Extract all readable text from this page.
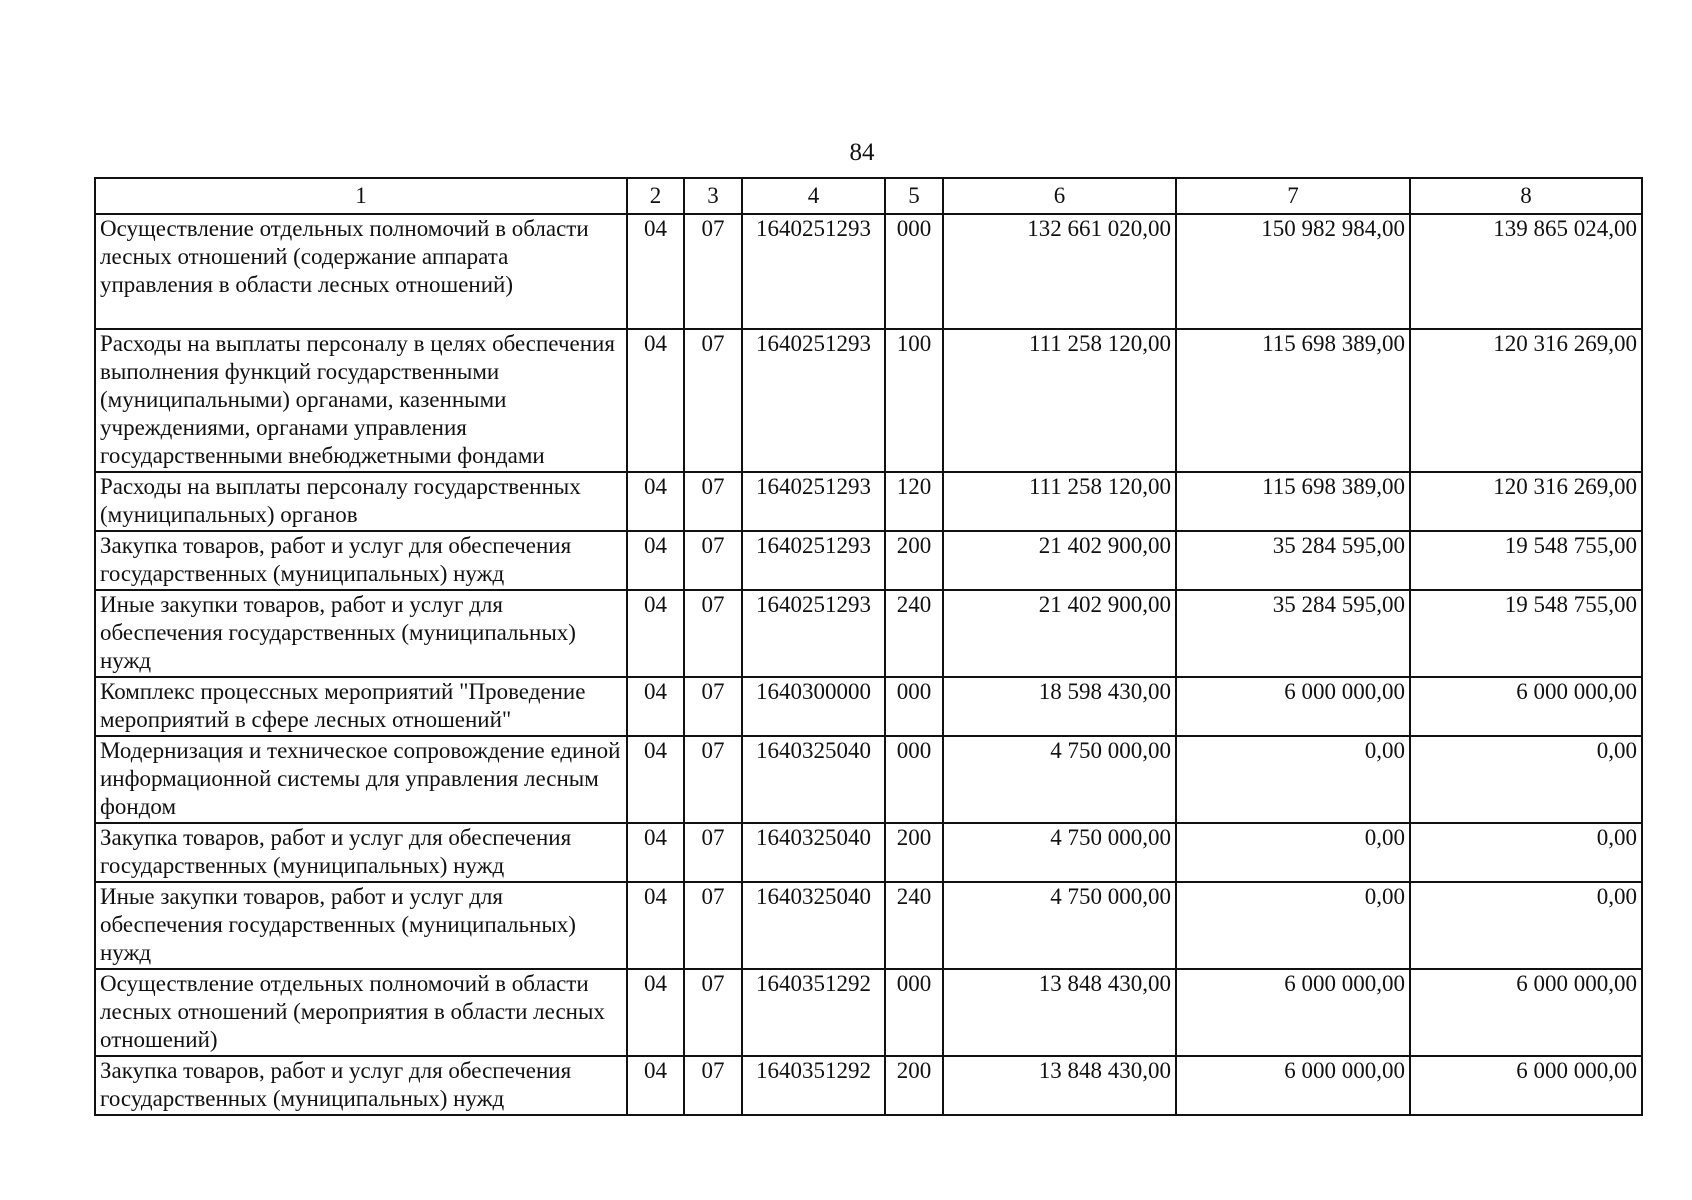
84
1	2	3	4	5	6	7	8
Осуществление отдельных полномочий в области лесных отношений (содержание аппарата управления в области лесных отношений)	04	07	1640251293	000	132 661 020,00	150 982 984,00	139 865 024,00
Расходы на выплаты персоналу в целях обеспечения выполнения функций государственными (муниципальными) органами, казенными учреждениями, органами управления государственными внебюджетными фондами	04	07	1640251293	100	111 258 120,00	115 698 389,00	120 316 269,00
Расходы на выплаты персоналу государственных (муниципальных) органов	04	07	1640251293	120	111 258 120,00	115 698 389,00	120 316 269,00
Закупка товаров, работ и услуг для обеспечения государственных (муниципальных) нужд	04	07	1640251293	200	21 402 900,00	35 284 595,00	19 548 755,00
Иные закупки товаров, работ и услуг для обеспечения государственных (муниципальных) нужд	04	07	1640251293	240	21 402 900,00	35 284 595,00	19 548 755,00
Комплекс процессных мероприятий "Проведение мероприятий в сфере лесных отношений"	04	07	1640300000	000	18 598 430,00	6 000 000,00	6 000 000,00
Модернизация и техническое сопровождение единой информационной системы для управления лесным фондом	04	07	1640325040	000	4 750 000,00	0,00	0,00
Закупка товаров, работ и услуг для обеспечения государственных (муниципальных) нужд	04	07	1640325040	200	4 750 000,00	0,00	0,00
Иные закупки товаров, работ и услуг для обеспечения государственных (муниципальных) нужд	04	07	1640325040	240	4 750 000,00	0,00	0,00
Осуществление отдельных полномочий в области лесных отношений (мероприятия в области лесных отношений)	04	07	1640351292	000	13 848 430,00	6 000 000,00	6 000 000,00
Закупка товаров, работ и услуг для обеспечения государственных (муниципальных) нужд	04	07	1640351292	200	13 848 430,00	6 000 000,00	6 000 000,00
